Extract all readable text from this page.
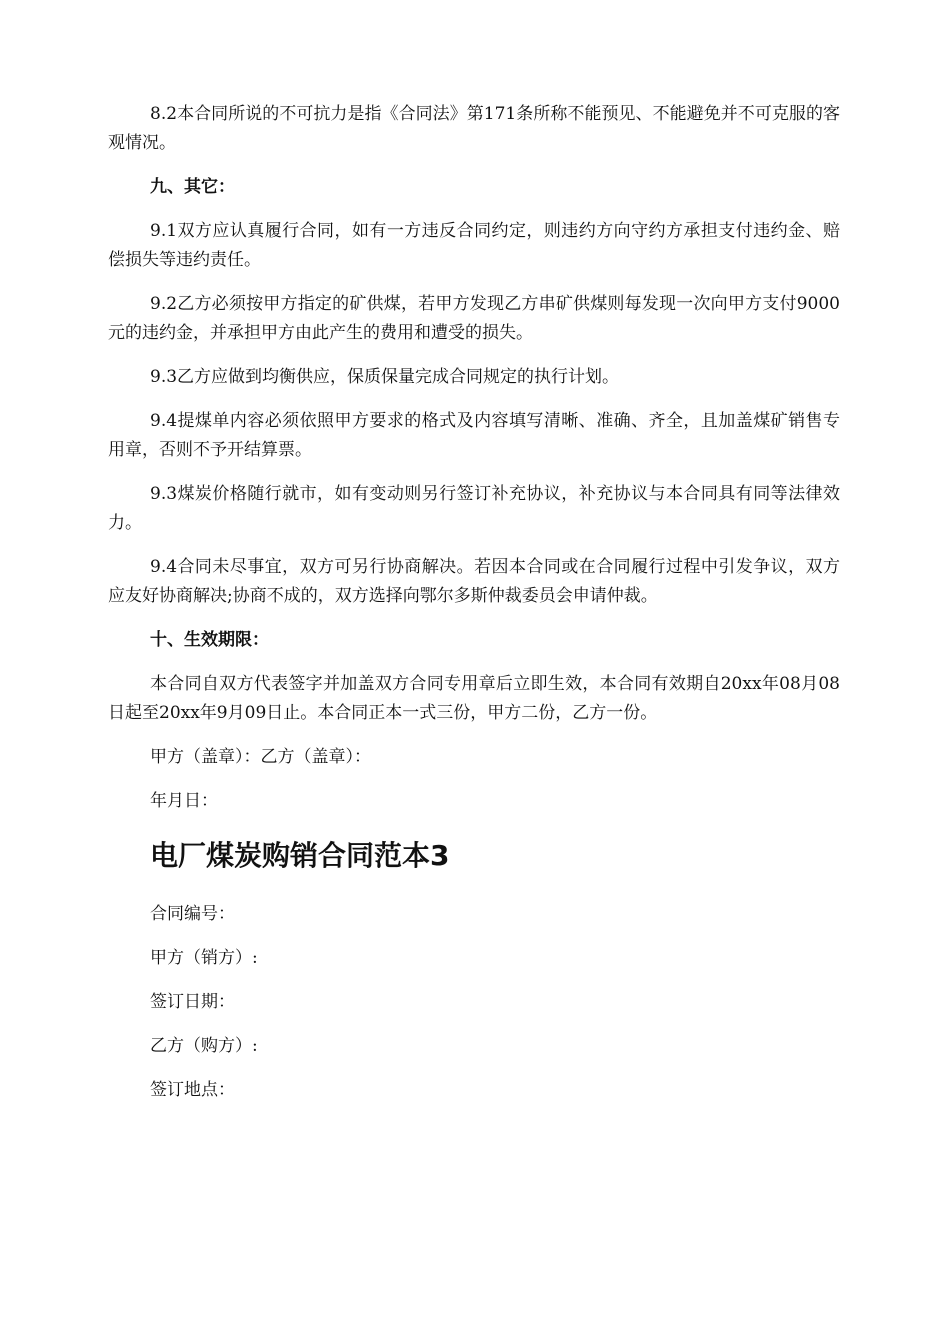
8.2本合同所说的不可抗力是指《合同法》第171条所称不能预见、不能避免并不可克服的客观情况。

九、其它：

9.1双方应认真履行合同，如有一方违反合同约定，则违约方向守约方承担支付违约金、赔偿损失等违约责任。

9.2乙方必须按甲方指定的矿供煤，若甲方发现乙方串矿供煤则每发现一次向甲方支付9000元的违约金，并承担甲方由此产生的费用和遭受的损失。

9.3乙方应做到均衡供应，保质保量完成合同规定的执行计划。

9.4提煤单内容必须依照甲方要求的格式及内容填写清晰、准确、齐全，且加盖煤矿销售专用章，否则不予开结算票。

9.3煤炭价格随行就市，如有变动则另行签订补充协议，补充协议与本合同具有同等法律效力。

9.4合同未尽事宜，双方可另行协商解决。若因本合同或在合同履行过程中引发争议，双方应友好协商解决;协商不成的，双方选择向鄂尔多斯仲裁委员会申请仲裁。

十、生效期限：

本合同自双方代表签字并加盖双方合同专用章后立即生效，本合同有效期自20xx年08月08日起至20xx年9月09日止。本合同正本一式三份，甲方二份，乙方一份。

甲方（盖章）：乙方（盖章）：

年月日：

电厂煤炭购销合同范本3

合同编号：

甲方（销方）:

签订日期：

乙方（购方）:

签订地点：
